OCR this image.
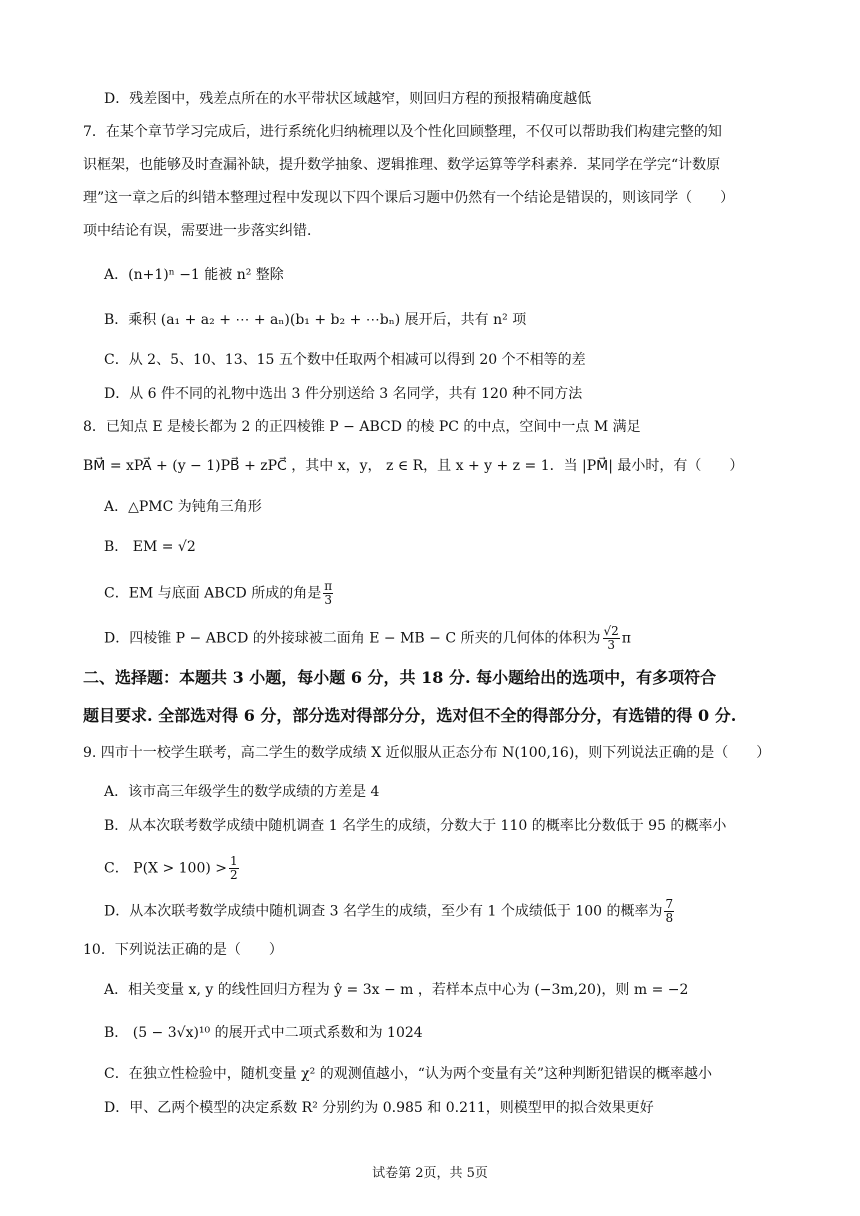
D．残差图中，残差点所在的水平带状区域越窄，则回归方程的预报精确度越低
7．在某个章节学习完成后，进行系统化归纳梳理以及个性化回顾整理，不仅可以帮助我们构建完整的知
识框架，也能够及时查漏补缺，提升数学抽象、逻辑推理、数学运算等学科素养．某同学在学完“计数原
理”这一章之后的纠错本整理过程中发现以下四个课后习题中仍然有一个结论是错误的，则该同学（　　）
项中结论有误，需要进一步落实纠错．
A．(n+1)ⁿ −1 能被 n² 整除
B．乘积 (a₁ + a₂ + ⋯ + aₙ)(b₁ + b₂ + ⋯bₙ) 展开后，共有 n² 项
C．从 2、5、10、13、15 五个数中任取两个相减可以得到 20 个不相等的差
D．从 6 件不同的礼物中选出 3 件分别送给 3 名同学，共有 120 种不同方法
8．已知点 E 是棱长都为 2 的正四棱锥 P − ABCD 的棱 PC 的中点，空间中一点 M 满足
BM⃗ = xPA⃗ + (y − 1)PB⃗ + zPC⃗ ，其中 x，y， z ∈ R，且 x + y + z = 1．当 |PM⃗| 最小时，有（　　）
A．△PMC 为钝角三角形
B． EM = √2
C．EM 与底面 ABCD 所成的角是 $\frac{\pi}{3}$
D．四棱锥 P − ABCD 的外接球被二面角 E − MB − C 所夹的几何体的体积为 $\frac{√2}{3}$ π
二、选择题：本题共 3 小题，每小题 6 分，共 18 分. 每小题给出的选项中，有多项符合
题目要求. 全部选对得 6 分，部分选对得部分分，选对但不全的得部分分，有选错的得 0 分.
9. 四市十一校学生联考，高二学生的数学成绩 X 近似服从正态分布 N(100,16)，则下列说法正确的是（　　）
A．该市高三年级学生的数学成绩的方差是 4
B．从本次联考数学成绩中随机调查 1 名学生的成绩，分数大于 110 的概率比分数低于 95 的概率小
C． $P(X > 100) > \frac{1}{2}$
D．从本次联考数学成绩中随机调查 3 名学生的成绩，至少有 1 个成绩低于 100 的概率为 $\frac{7}{8}$
10．下列说法正确的是（　　）
A．相关变量 x, y 的线性回归方程为 ŷ = 3x − m ，若样本点中心为 (−3m,20)，则 m = −2
B． (5 − 3√x)¹⁰ 的展开式中二项式系数和为 1024
C．在独立性检验中，随机变量 χ² 的观测值越小，“认为两个变量有关”这种判断犯错误的概率越小
D．甲、乙两个模型的决定系数 R² 分别约为 0.985 和 0.211，则模型甲的拟合效果更好
试卷第 2页，共 5页
